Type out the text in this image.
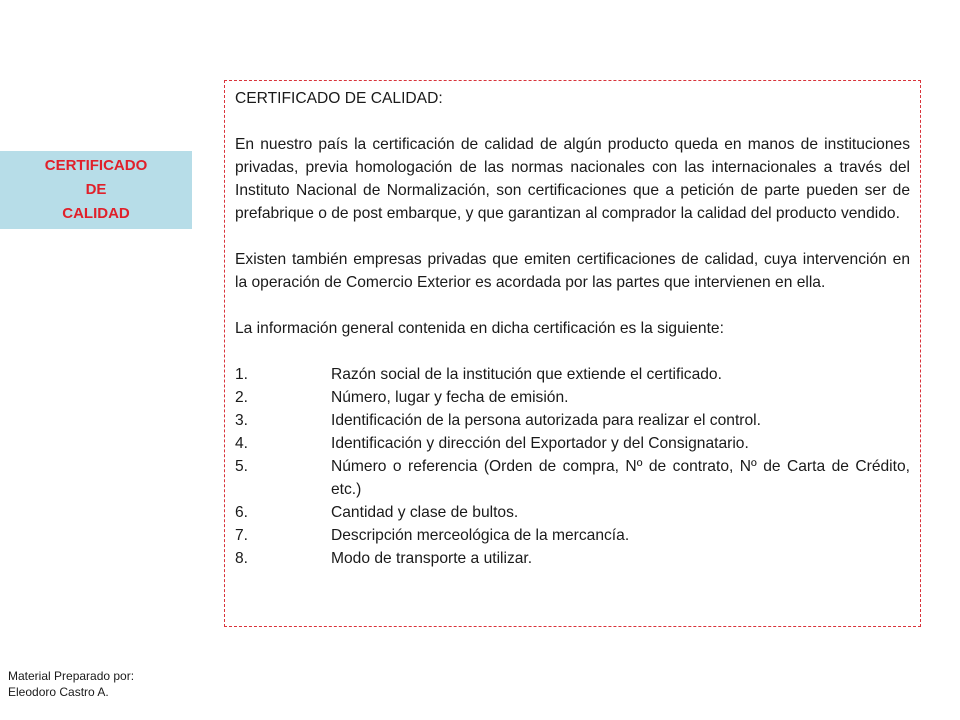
CERTIFICADO
DE
CALIDAD

CERTIFICADO DE CALIDAD:

En nuestro país la certificación de calidad de algún producto queda en manos de instituciones privadas, previa homologación de las normas nacionales con las internacionales a través del Instituto Nacional de Normalización, son certificaciones que a petición de parte pueden ser de prefabrique o de post embarque, y que garantizan al comprador la calidad del producto vendido.

Existen también empresas privadas que emiten certificaciones de calidad, cuya intervención en la operación de Comercio Exterior es acordada por las partes que intervienen en ella.

La información general contenida en dicha certificación es la siguiente:

1.	Razón social de la institución que extiende el certificado.
2.	Número, lugar y fecha de emisión.
3.	Identificación de la persona autorizada para realizar el control.
4.	Identificación y dirección del Exportador y del Consignatario.
5.	Número o referencia (Orden de compra, Nº de contrato, Nº de Carta de Crédito, etc.)
6.	Cantidad y clase de bultos.
7.	Descripción merceológica de la mercancía.
8.	Modo de transporte a utilizar.
Material Preparado por:
Eleodoro Castro A.
